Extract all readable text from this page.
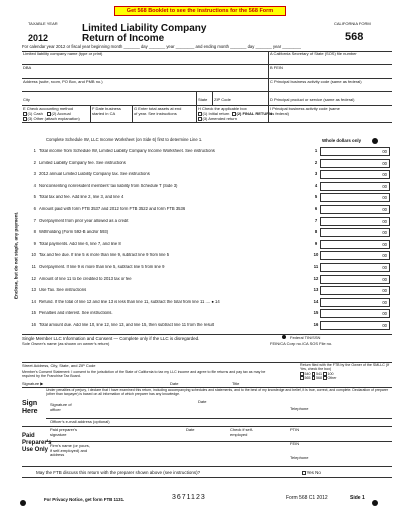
Get 568 Booklet to see the instructions for the 568 Form
TAXABLE YEAR	CALIFORNIA FORM
2012
Limited Liability Company
Return of Income	568
For calendar year 2012 or fiscal year beginning month _______ day _______ year ________ and ending month _______ day _______ year ________
Limited liability company name (type or print)	A California Secretary of State (SOS) file number
DBA	B FEIN
Address (suite, room, PO Box, and PMB no.)	C Principal business activity code (same as federal)
City	State ZIP Code	D Principal product or service (same as federal)
E Check accounting method
(1) Cash	(2) Accrual
(3) Other (attach explanation)
F Date business started in CA
G Enter total assets at end of year. See instructions
H Check the applicable box
(1) Initial return	(2) FINAL RETURN
(3) Amended return
I Principal business activity code (same as federal)
Enclose, but do not staple, any payment.
Complete Schedule IW, LLC Income Worksheet (on Side 6) first to determine Line 1.	Whole dollars only
1 Total income from Schedule IW, Limited Liability Company Income Worksheet. See instructions	1	00
2 Limited Liability Company fee. See instructions	2	00
3 2012 annual Limited Liability Company tax. See instructions	3	00
4 Nonconsenting nonresident members' tax liability from Schedule T (Side 3)	4	00
5 Total tax and fee. Add line 2, line 3, and line 4	5	00
6 Amount paid with form FTB 3537 and 2012 form FTB 3522 and form FTB 3536	6	00
7 Overpayment from prior year allowed as a credit	7	00
8 Withholding (Form 592-B and/or 593)	8	00
9 Total payments. Add line 6, line 7, and line 8	9	00
10 Tax and fee due. If line 5 is more than line 9, subtract line 9 from line 5	10	00
11 Overpayment. If line 9 is more than line 5, subtract line 5 from line 9	11	00
12 Amount of line 11 to be credited to 2013 tax or fee	12	00
13 Use Tax. See instructions	13	00
14 Refund. If the total of line 12 and line 13 is less than line 11, subtract the total from line 11 .... ● 14	14	00
15 Penalties and interest. See instructions.	15	00
16 Total amount due. Add line 10, line 12, line 13, and line 15, then subtract line 11 from the result	16	00
Single Member LLC Information and Consent — Complete only if the LLC is disregarded.	Federal TIN/SSN
Sole Owner's name (as shown on owner's return)	FEIN/CA Corp no./CA SOS File no.
Street Address, City, State, and ZIP Code
Member's Consent Statement: I consent to the jurisdiction of the State of California to tax my LLC income and agree to file returns and pay tax as may be required by the Franchise Tax Board.
Return filed with the FTB by the Owner of the SMLLC (If Yes, check the box)
540 541 100
565 568 Other
Signature ▶	Date	Title
Under penalties of perjury, I declare that I have examined this return, including accompanying schedules and statements, and to the best of my knowledge and belief, it is true, correct, and complete. Declaration of preparer (other than taxpayer) is based on all information of which preparer has any knowledge.
Sign Here
Signature of officer
Date
Telephone
Officer's e-mail address (optional)
Paid Preparer's Use Only
Paid preparer's signature
Date	Check if self-employed
PTIN
Firm's name (or yours, if self-employed) and address
FEIN
Telephone
May the FTB discuss this return with the preparer shown above (see instructions)?	Yes No
For Privacy Notice, get form FTB 1131.	3671123	Form 568 C1 2012	Side 1
